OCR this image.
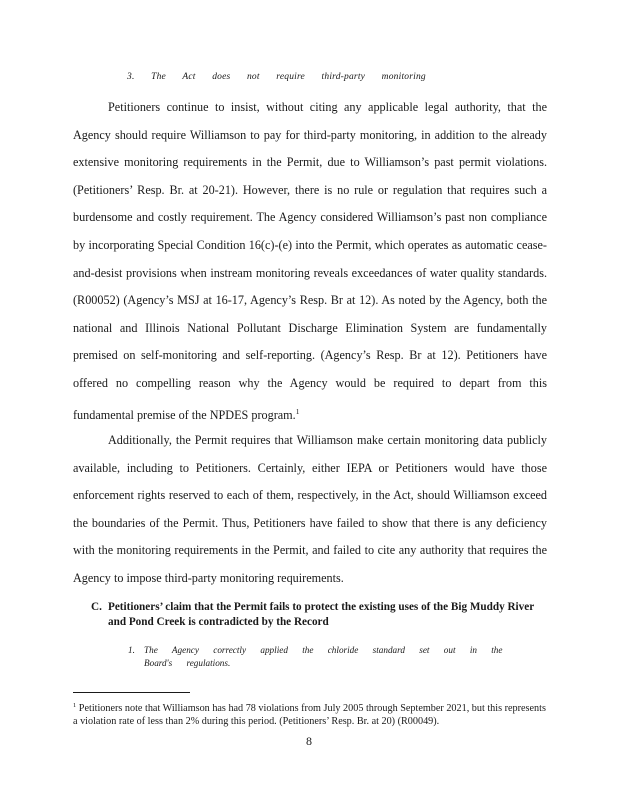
3. The Act does not require third-party monitoring

Petitioners continue to insist, without citing any applicable legal authority, that the Agency should require Williamson to pay for third-party monitoring, in addition to the already extensive monitoring requirements in the Permit, due to Williamson’s past permit violations. (Petitioners’ Resp. Br. at 20-21). However, there is no rule or regulation that requires such a burdensome and costly requirement. The Agency considered Williamson’s past non compliance by incorporating Special Condition 16(c)-(e) into the Permit, which operates as automatic cease-and-desist provisions when instream monitoring reveals exceedances of water quality standards. (R00052) (Agency’s MSJ at 16-17, Agency’s Resp. Br at 12). As noted by the Agency, both the national and Illinois National Pollutant Discharge Elimination System are fundamentally premised on self-monitoring and self-reporting. (Agency’s Resp. Br at 12). Petitioners have offered no compelling reason why the Agency would be required to depart from this fundamental premise of the NPDES program.$^1$

Additionally, the Permit requires that Williamson make certain monitoring data publicly available, including to Petitioners. Certainly, either IEPA or Petitioners would have those enforcement rights reserved to each of them, respectively, in the Act, should Williamson exceed the boundaries of the Permit. Thus, Petitioners have failed to show that there is any deficiency with the monitoring requirements in the Permit, and failed to cite any authority that requires the Agency to impose third-party monitoring requirements.

C. Petitioners’ claim that the Permit fails to protect the existing uses of the Big Muddy River and Pond Creek is contradicted by the Record
1. The Agency correctly applied the chloride standard set out in the Board's regulations.
$^1$ Petitioners note that Williamson has had 78 violations from July 2005 through September 2021, but this represents a violation rate of less than 2% during this period. (Petitioners’ Resp. Br. at 20) (R00049).
8
